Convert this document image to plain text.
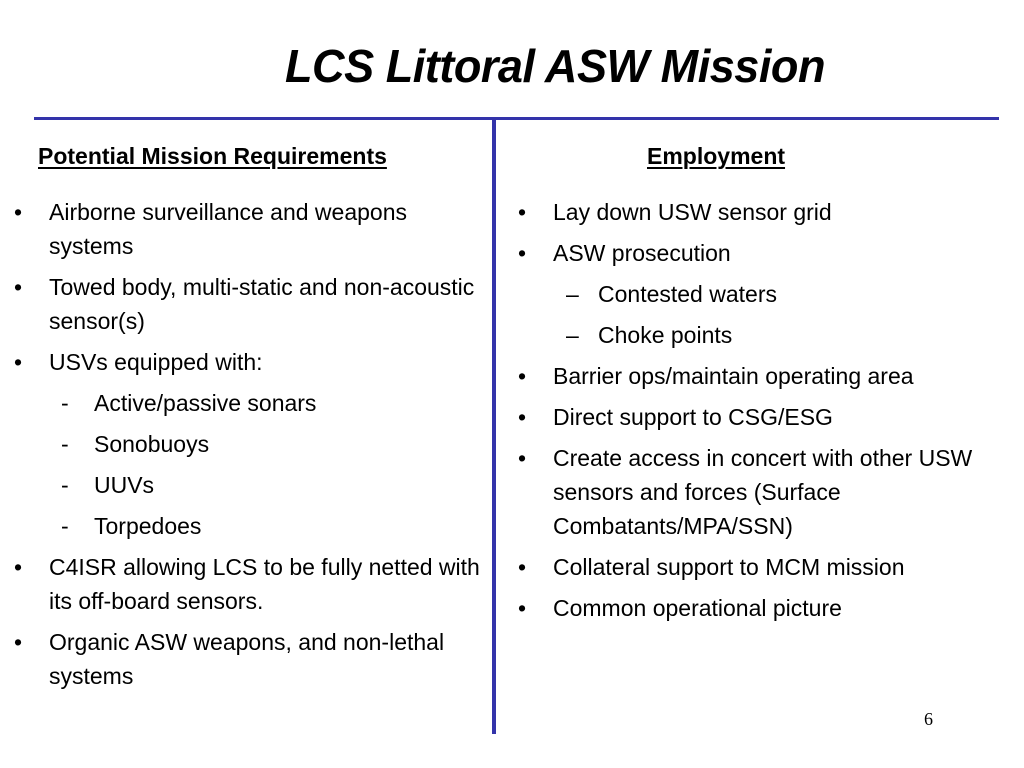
LCS Littoral ASW Mission
Potential Mission Requirements	Employment
•	Airborne surveillance and weapons systems
•	Towed body, multi-static and non-acoustic sensor(s)
•	USVs equipped with:
-	Active/passive sonars
-	Sonobuoys
-	UUVs
-	Torpedoes
•	C4ISR allowing LCS to be fully netted with its off-board sensors.
•	Organic ASW weapons, and non-lethal systems
•	Lay down USW sensor grid
•	ASW prosecution
– Contested waters
– Choke points
•	Barrier ops/maintain operating area
•	Direct support to CSG/ESG
•	Create access in concert with other USW sensors and forces (Surface Combatants/MPA/SSN)
•	Collateral support to MCM mission
•	Common operational picture
6
